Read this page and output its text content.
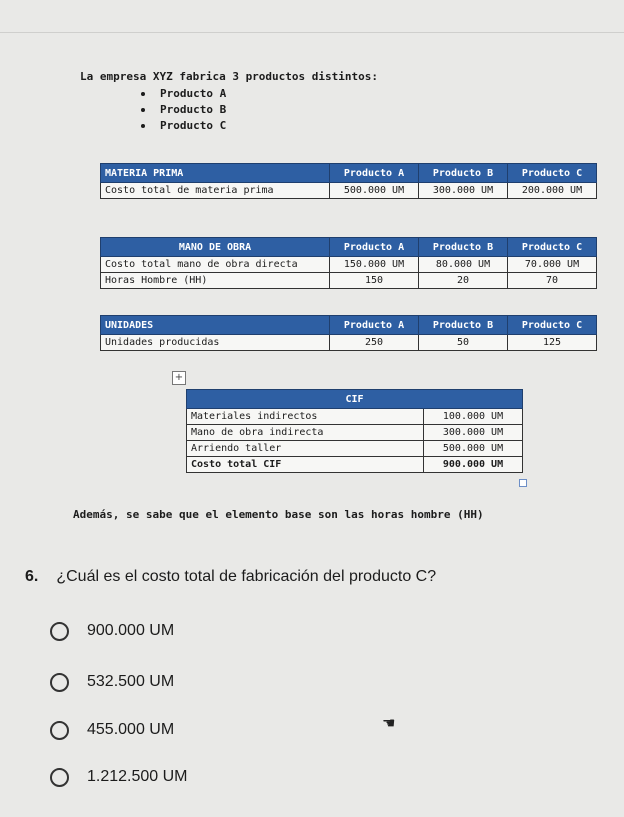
La empresa XYZ fabrica 3 productos distintos:
Producto A
Producto B
Producto C
MATERIA PRIMA	Producto A	Producto B	Producto C
Costo total de materia prima	500.000 UM	300.000 UM	200.000 UM
MANO DE OBRA	Producto A	Producto B	Producto C
Costo total mano de obra directa	150.000 UM	80.000 UM	70.000 UM
Horas Hombre (HH)	150	20	70
UNIDADES	Producto A	Producto B	Producto C
Unidades producidas	250	50	125
+
CIF	
Materiales indirectos	100.000 UM
Mano de obra indirecta	300.000 UM
Arriendo taller	500.000 UM
Costo total CIF	900.000 UM
Además, se sabe que el elemento base son las horas hombre (HH)
6. ¿Cuál es el costo total de fabricación del producto C?
900.000 UM
532.500 UM
455.000 UM
1.212.500 UM
☚
